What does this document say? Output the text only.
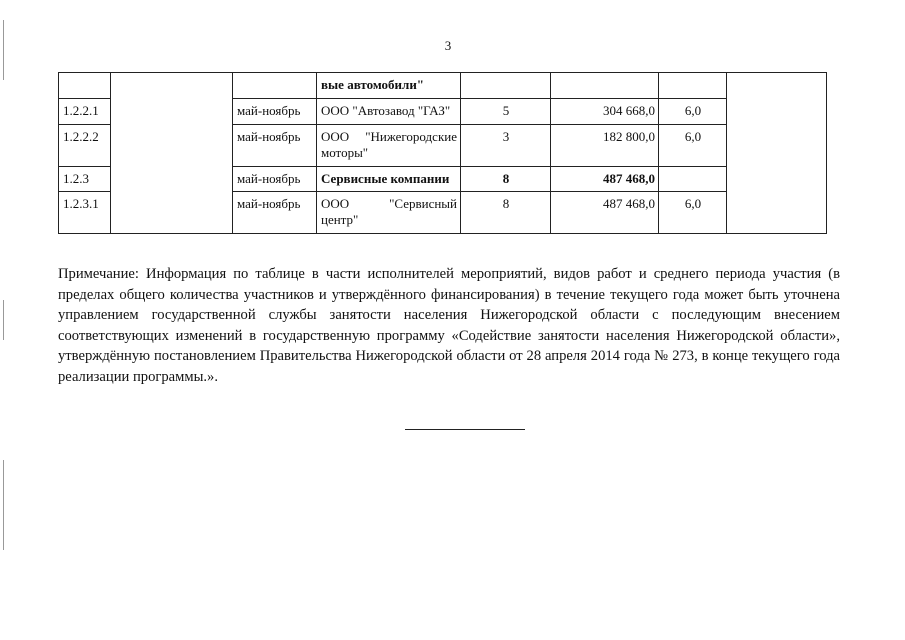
3
			вые автомобили"				
1.2.2.1		май-ноябрь	ООО "Автозавод "ГАЗ"	5	304 668,0	6,0	
1.2.2.2		май-ноябрь	ООО "Нижегородские моторы"	3	182 800,0	6,0	
1.2.3		май-ноябрь	Сервисные компании	8	487 468,0		
1.2.3.1		май-ноябрь	ООО "Сервисный центр"	8	487 468,0	6,0	
Примечание: Информация по таблице в части исполнителей мероприятий, видов работ и среднего периода участия (в пределах общего количества участников и утверждённого финансирования) в течение текущего года может быть уточнена управлением государственной службы занятости населения Нижегородской области с последующим внесением соответствующих изменений в государственную программу «Содействие занятости населения Нижегородской области», утверждённую постановлением Правительства Нижегородской области от 28 апреля 2014 года № 273, в конце текущего года реализации программы.».
